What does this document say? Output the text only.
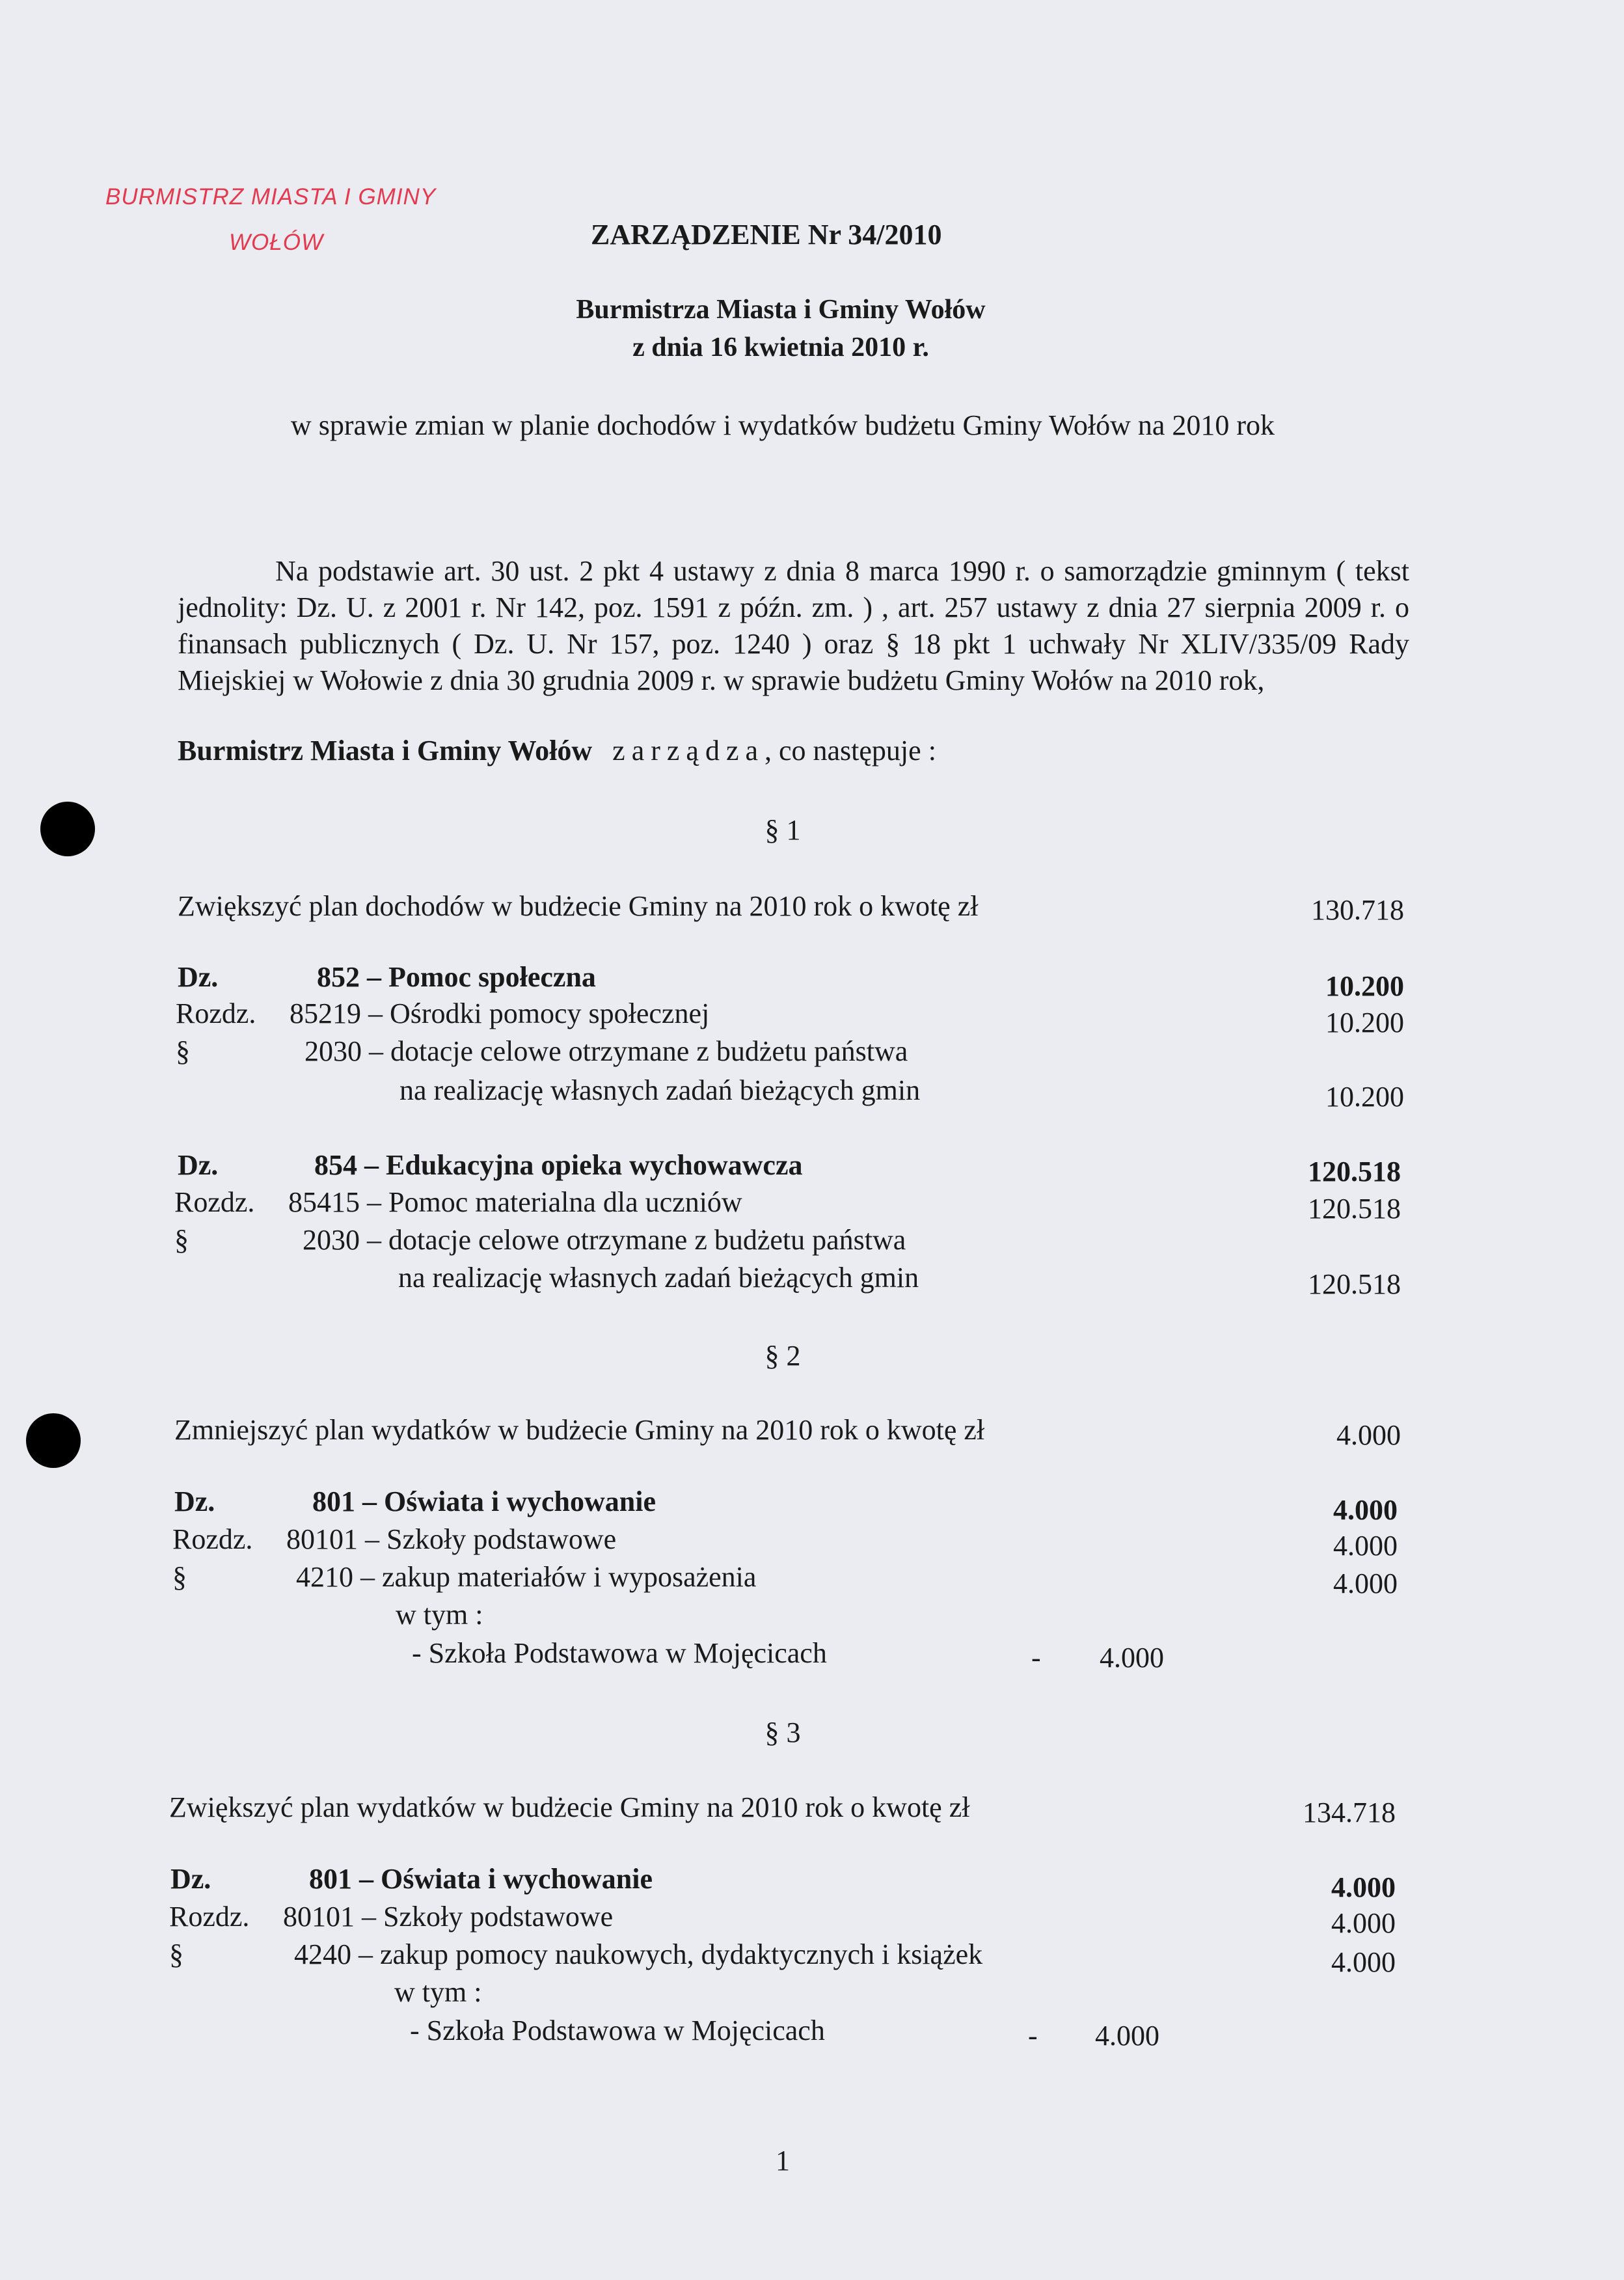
BURMISTRZ MIASTA I GMINY
WOŁÓW	ZARZĄDZENIE Nr 34/2010
Burmistrza Miasta i Gminy Wołów
z dnia 16 kwietnia 2010 r.
w sprawie zmian w planie dochodów i wydatków budżetu Gminy Wołów na 2010 rok
Na podstawie art. 30 ust. 2 pkt 4 ustawy z dnia 8 marca 1990 r. o samorządzie gminnym ( tekst jednolity: Dz. U. z 2001 r. Nr 142, poz. 1591 z późn. zm. ) , art. 257 ustawy z dnia 27 sierpnia 2009 r. o finansach publicznych ( Dz. U. Nr 157, poz. 1240 ) oraz § 18 pkt 1 uchwały Nr XLIV/335/09 Rady Miejskiej w Wołowie z dnia 30 grudnia 2009 r. w sprawie budżetu Gminy Wołów na 2010 rok,
Burmistrz Miasta i Gminy Wołów zarządza, co następuje :
§ 1
Zwiększyć plan dochodów w budżecie Gminy na 2010 rok o kwotę zł	130.718
Dz.	852 – Pomoc społeczna	10.200
Rozdz. 85219 – Ośrodki pomocy społecznej	10.200
§	2030 – dotacje celowe otrzymane z budżetu państwa
na realizację własnych zadań bieżących gmin	10.200
Dz.	854 – Edukacyjna opieka wychowawcza	120.518
Rozdz. 85415 – Pomoc materialna dla uczniów	120.518
§	2030 – dotacje celowe otrzymane z budżetu państwa
na realizację własnych zadań bieżących gmin	120.518
§ 2
Zmniejszyć plan wydatków w budżecie Gminy na 2010 rok o kwotę zł	4.000
Dz.	801 – Oświata i wychowanie	4.000
Rozdz. 80101 – Szkoły podstawowe	4.000
§	4210 – zakup materiałów i wyposażenia	4.000
w tym :
- Szkoła Podstawowa w Mojęcicach	- 4.000
§ 3
Zwiększyć plan wydatków w budżecie Gminy na 2010 rok o kwotę zł	134.718
Dz.	801 – Oświata i wychowanie	4.000
Rozdz. 80101 – Szkoły podstawowe	4.000
§	4240 – zakup pomocy naukowych, dydaktycznych i książek	4.000
w tym :
- Szkoła Podstawowa w Mojęcicach	- 4.000
1
